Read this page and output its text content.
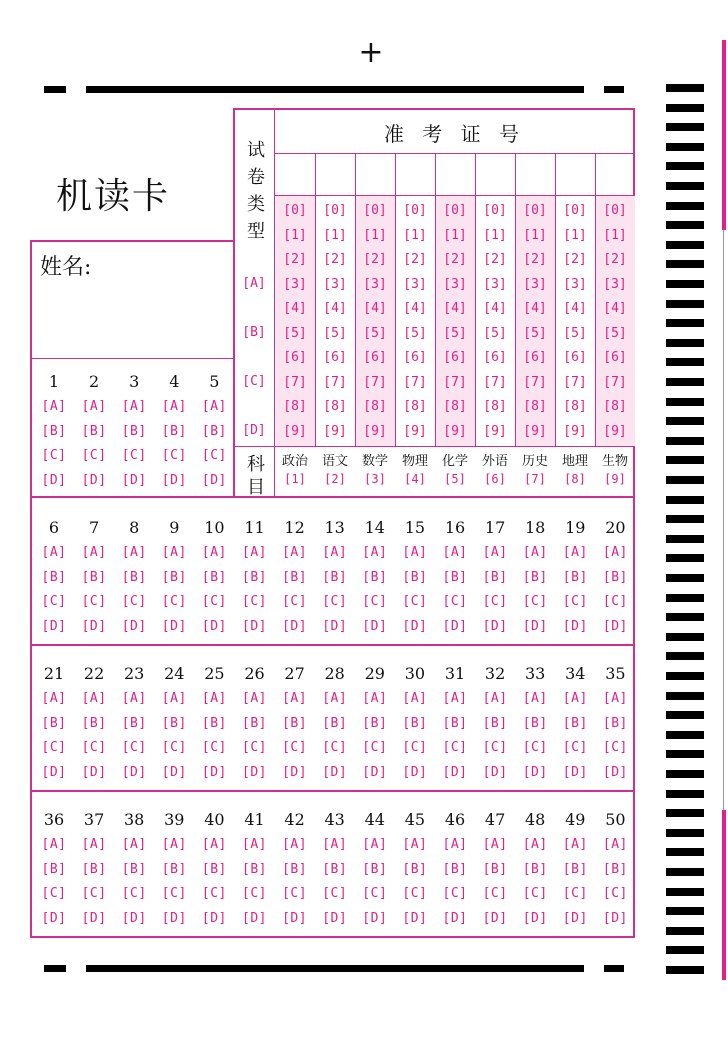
+
机读卡
姓名:
试
卷
类
型
[A]
[B]
[C]
[D]
准 考 证 号
[0]
[1]
[2]
[3]
[4]
[5]
[6]
[7]
[8]
[9]
[0]
[1]
[2]
[3]
[4]
[5]
[6]
[7]
[8]
[9]
[0]
[1]
[2]
[3]
[4]
[5]
[6]
[7]
[8]
[9]
[0]
[1]
[2]
[3]
[4]
[5]
[6]
[7]
[8]
[9]
[0]
[1]
[2]
[3]
[4]
[5]
[6]
[7]
[8]
[9]
[0]
[1]
[2]
[3]
[4]
[5]
[6]
[7]
[8]
[9]
[0]
[1]
[2]
[3]
[4]
[5]
[6]
[7]
[8]
[9]
[0]
[1]
[2]
[3]
[4]
[5]
[6]
[7]
[8]
[9]
[0]
[1]
[2]
[3]
[4]
[5]
[6]
[7]
[8]
[9]
科
目
政治
[1]
语文
[2]
数学
[3]
物理
[4]
化学
[5]
外语
[6]
历史
[7]
地理
[8]
生物
[9]
1
[A]
[B]
[C]
[D]
2
[A]
[B]
[C]
[D]
3
[A]
[B]
[C]
[D]
4
[A]
[B]
[C]
[D]
5
[A]
[B]
[C]
[D]
6
[A]
[B]
[C]
[D]
7
[A]
[B]
[C]
[D]
8
[A]
[B]
[C]
[D]
9
[A]
[B]
[C]
[D]
10
[A]
[B]
[C]
[D]
11
[A]
[B]
[C]
[D]
12
[A]
[B]
[C]
[D]
13
[A]
[B]
[C]
[D]
14
[A]
[B]
[C]
[D]
15
[A]
[B]
[C]
[D]
16
[A]
[B]
[C]
[D]
17
[A]
[B]
[C]
[D]
18
[A]
[B]
[C]
[D]
19
[A]
[B]
[C]
[D]
20
[A]
[B]
[C]
[D]
21
[A]
[B]
[C]
[D]
22
[A]
[B]
[C]
[D]
23
[A]
[B]
[C]
[D]
24
[A]
[B]
[C]
[D]
25
[A]
[B]
[C]
[D]
26
[A]
[B]
[C]
[D]
27
[A]
[B]
[C]
[D]
28
[A]
[B]
[C]
[D]
29
[A]
[B]
[C]
[D]
30
[A]
[B]
[C]
[D]
31
[A]
[B]
[C]
[D]
32
[A]
[B]
[C]
[D]
33
[A]
[B]
[C]
[D]
34
[A]
[B]
[C]
[D]
35
[A]
[B]
[C]
[D]
36
[A]
[B]
[C]
[D]
37
[A]
[B]
[C]
[D]
38
[A]
[B]
[C]
[D]
39
[A]
[B]
[C]
[D]
40
[A]
[B]
[C]
[D]
41
[A]
[B]
[C]
[D]
42
[A]
[B]
[C]
[D]
43
[A]
[B]
[C]
[D]
44
[A]
[B]
[C]
[D]
45
[A]
[B]
[C]
[D]
46
[A]
[B]
[C]
[D]
47
[A]
[B]
[C]
[D]
48
[A]
[B]
[C]
[D]
49
[A]
[B]
[C]
[D]
50
[A]
[B]
[C]
[D]
